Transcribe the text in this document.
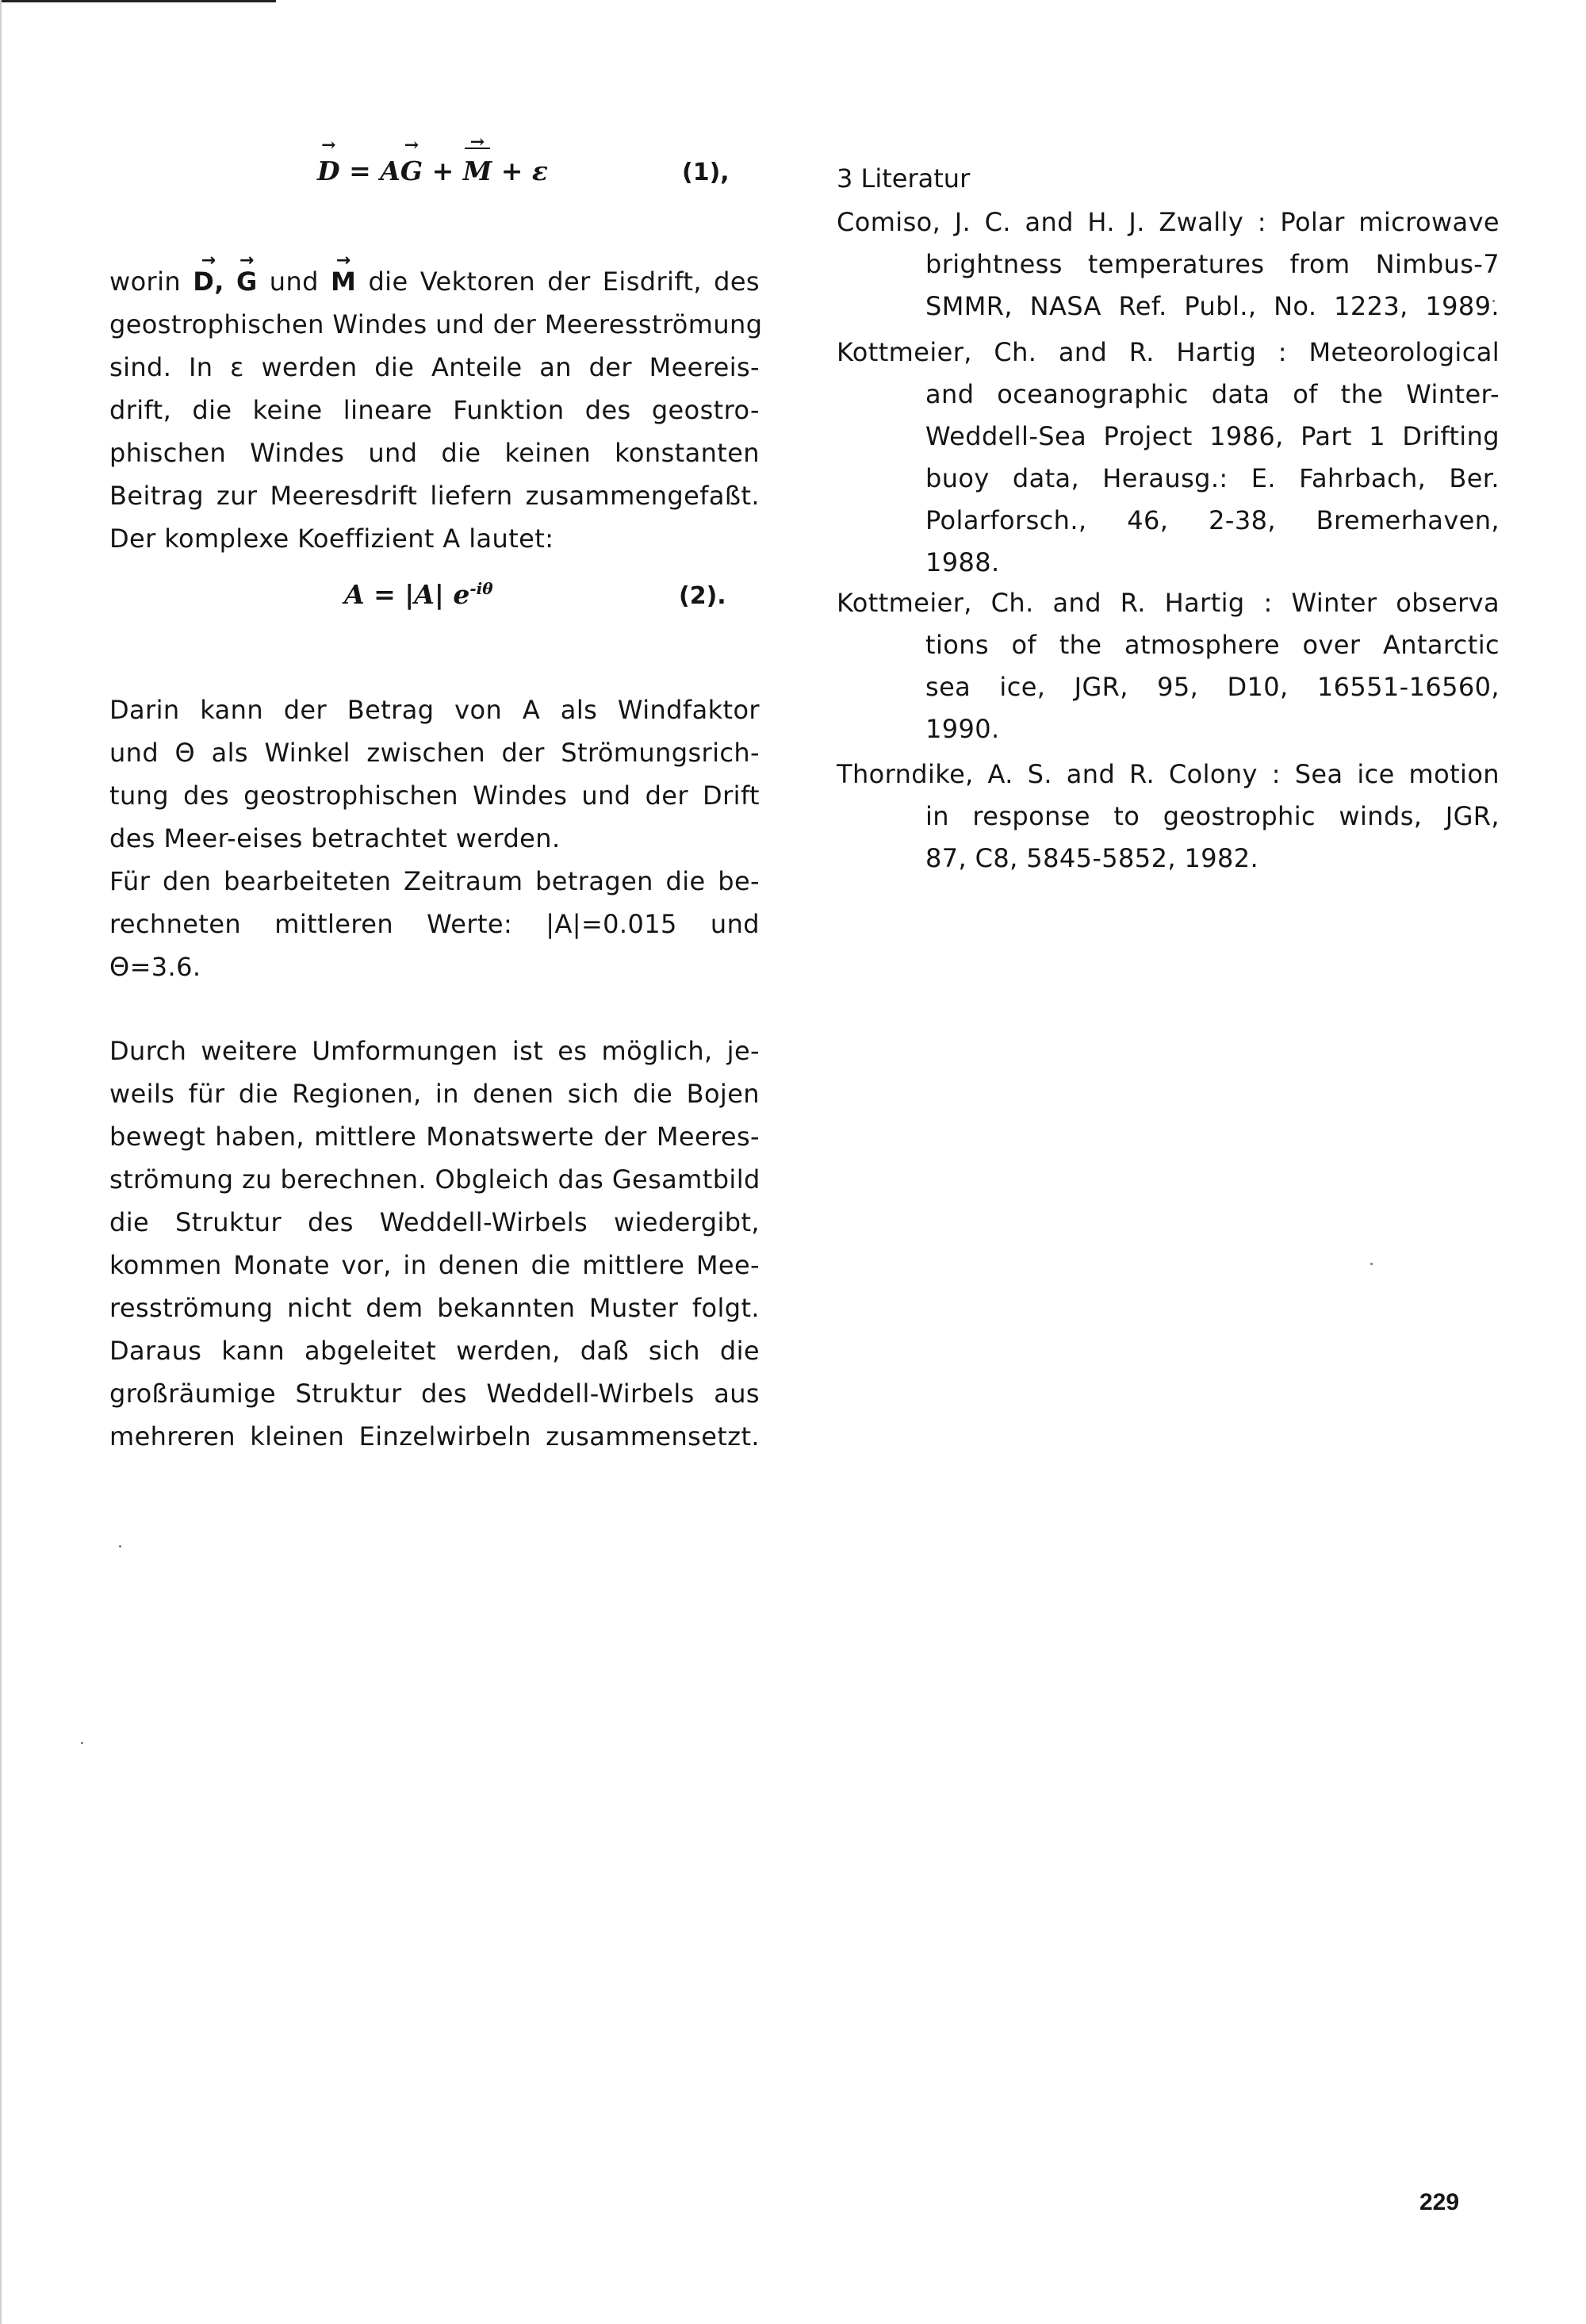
→ D = A→ G + → M + ε	(1),
worin → D, → G und → M die Vektoren der Eisdrift, des
geostrophischen Windes und der Meeresströmung
sind. In ε werden die Anteile an der Meereis-
drift, die keine lineare Funktion des geostro-
phischen Windes und die keinen konstanten
Beitrag zur Meeresdrift liefern zusammengefaßt.
Der komplexe Koeffizient A lautet:
A = |A| $e^{-i\theta}$	(2).
Darin kann der Betrag von A als Windfaktor
und Θ als Winkel zwischen der Strömungsrich-
tung des geostrophischen Windes und der Drift
des Meer-eises betrachtet werden.
Für den bearbeiteten Zeitraum betragen die be-
rechneten mittleren Werte: |A|=0.015 und
Θ=3.6.
Durch weitere Umformungen ist es möglich, je-
weils für die Regionen, in denen sich die Bojen
bewegt haben, mittlere Monatswerte der Meeres-
strömung zu berechnen. Obgleich das Gesamtbild
die Struktur des Weddell-Wirbels wiedergibt,
kommen Monate vor, in denen die mittlere Mee-
resströmung nicht dem bekannten Muster folgt.
Daraus kann abgeleitet werden, daß sich die
großräumige Struktur des Weddell-Wirbels aus
mehreren kleinen Einzelwirbeln zusammensetzt.
3 Literatur
Comiso, J. C. and H. J. Zwally : Polar microwave
brightness temperatures from Nimbus-7
SMMR, NASA Ref. Publ., No. 1223, 1989.
Kottmeier, Ch. and R. Hartig : Meteorological
and oceanographic data of the Winter-
Weddell-Sea Project 1986, Part 1 Drifting
buoy data, Herausg.: E. Fahrbach, Ber.
Polarforsch., 46, 2-38, Bremerhaven,
1988.
Kottmeier, Ch. and R. Hartig : Winter observa
tions of the atmosphere over Antarctic
sea ice, JGR, 95, D10, 16551-16560,
1990.
Thorndike, A. S. and R. Colony : Sea ice motion
in response to geostrophic winds, JGR,
87, C8, 5845-5852, 1982.
229
